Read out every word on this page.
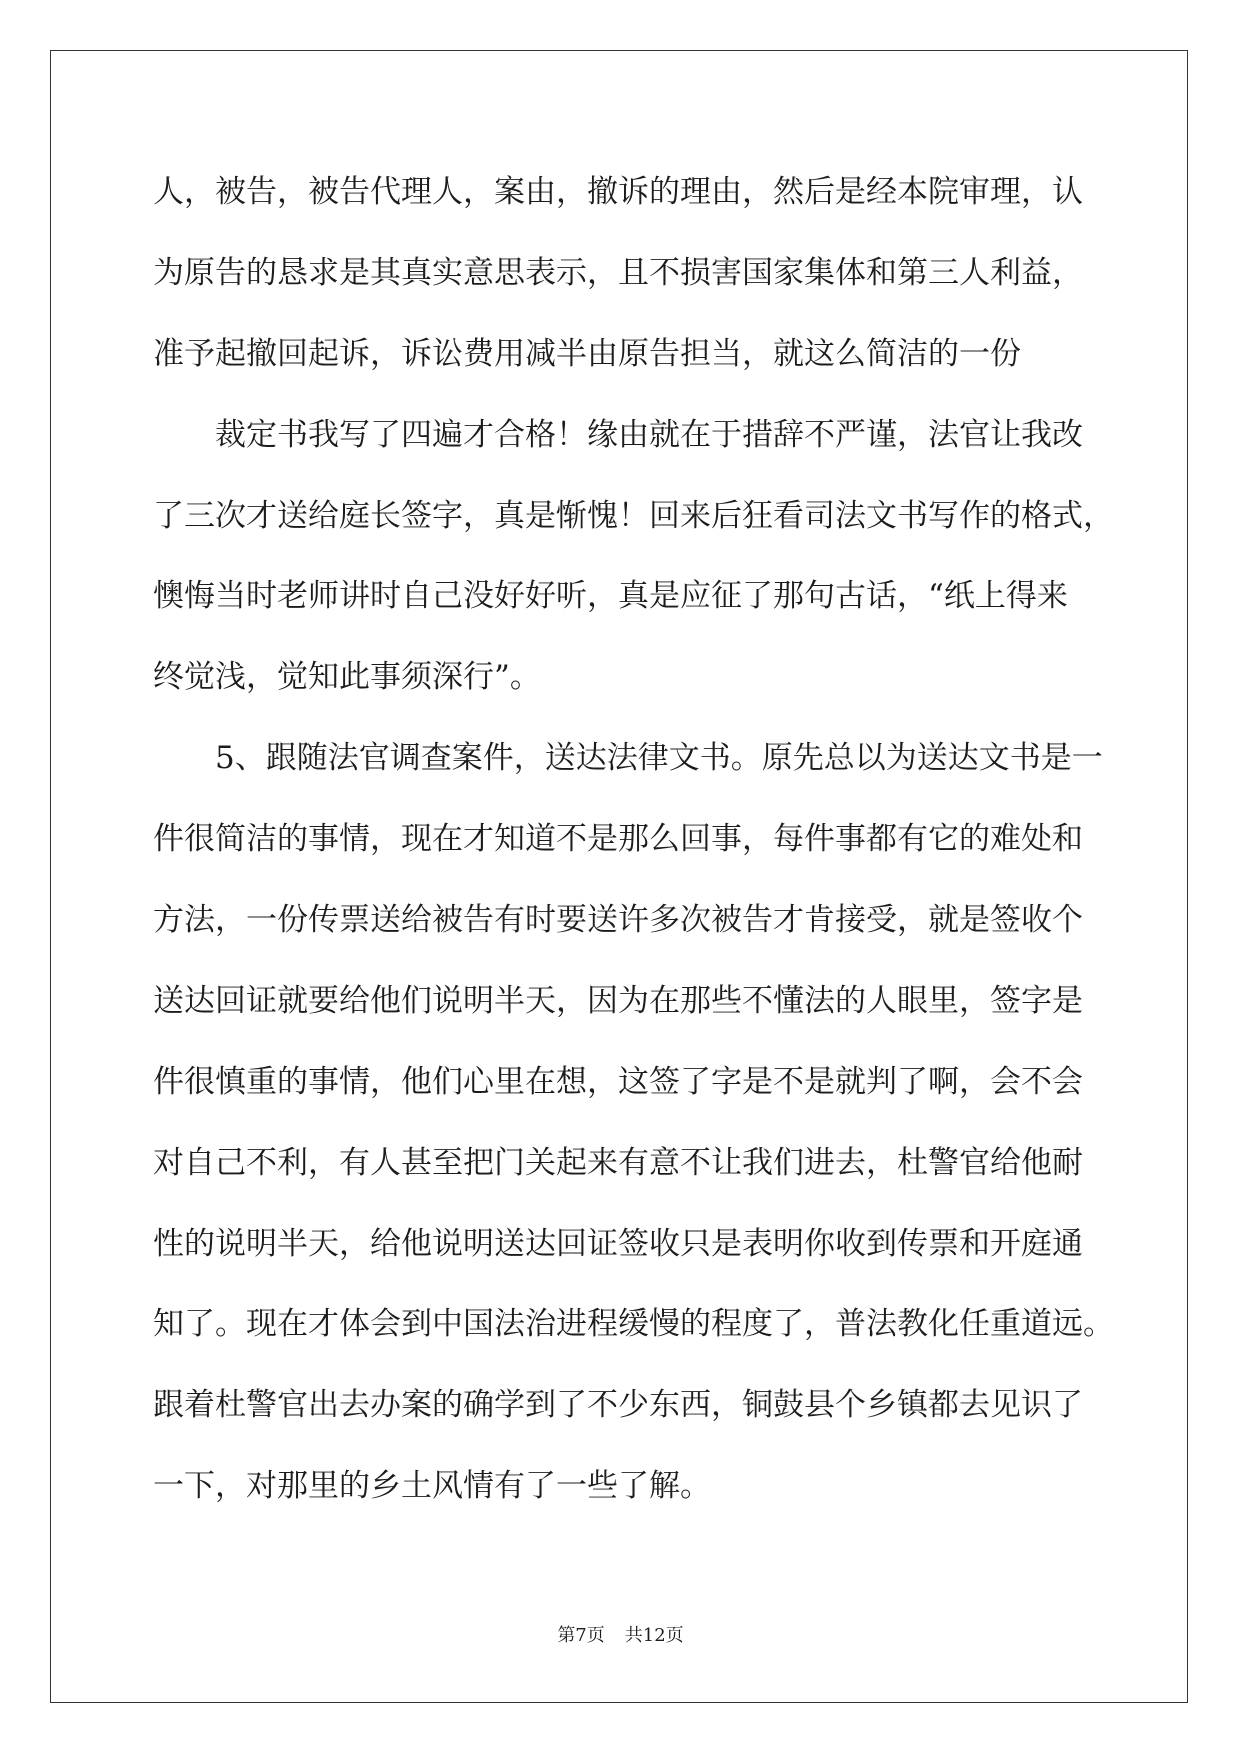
人，被告，被告代理人，案由，撤诉的理由，然后是经本院审理，认
为原告的恳求是其真实意思表示，且不损害国家集体和第三人利益，
准予起撤回起诉，诉讼费用减半由原告担当，就这么简洁的一份
裁定书我写了四遍才合格！缘由就在于措辞不严谨，法官让我改
了三次才送给庭长签字，真是惭愧！回来后狂看司法文书写作的格式，
懊悔当时老师讲时自己没好好听，真是应征了那句古话，“纸上得来
终觉浅，觉知此事须深行”。
5、跟随法官调查案件，送达法律文书。原先总以为送达文书是一
件很简洁的事情，现在才知道不是那么回事，每件事都有它的难处和
方法，一份传票送给被告有时要送许多次被告才肯接受，就是签收个
送达回证就要给他们说明半天，因为在那些不懂法的人眼里，签字是
件很慎重的事情，他们心里在想，这签了字是不是就判了啊，会不会
对自己不利，有人甚至把门关起来有意不让我们进去，杜警官给他耐
性的说明半天，给他说明送达回证签收只是表明你收到传票和开庭通
知了。现在才体会到中国法治进程缓慢的程度了，普法教化任重道远。
跟着杜警官出去办案的确学到了不少东西，铜鼓县个乡镇都去见识了
一下，对那里的乡土风情有了一些了解。
第7页 共12页
